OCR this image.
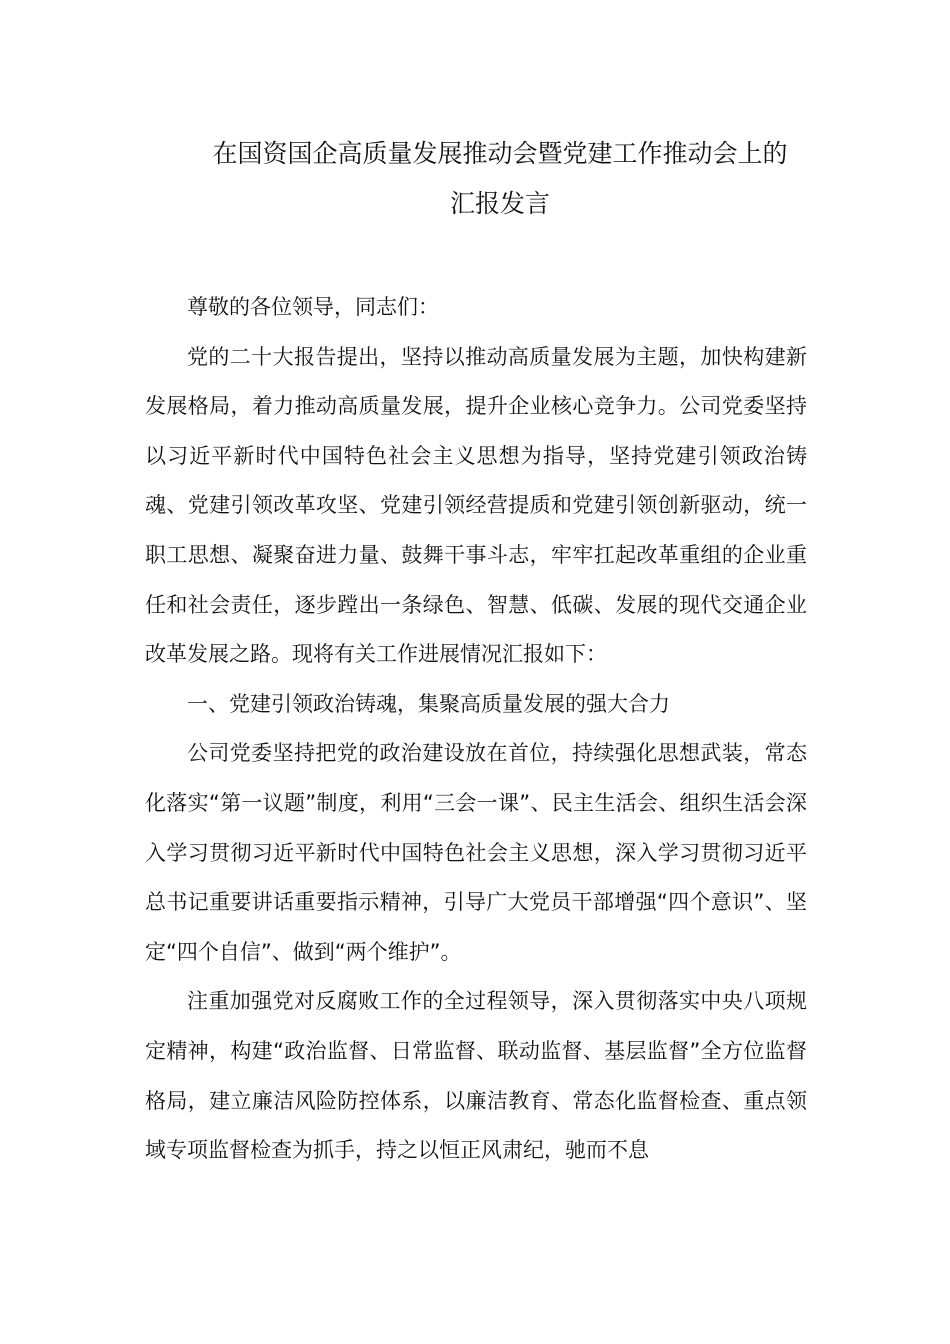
在国资国企高质量发展推动会暨党建工作推动会上的
汇报发言

尊敬的各位领导，同志们：

党的二十大报告提出，坚持以推动高质量发展为主题，加快构建新发展格局，着力推动高质量发展，提升企业核心竞争力。公司党委坚持以习近平新时代中国特色社会主义思想为指导，坚持党建引领政治铸魂、党建引领改革攻坚、党建引领经营提质和党建引领创新驱动，统一职工思想、凝聚奋进力量、鼓舞干事斗志，牢牢扛起改革重组的企业重任和社会责任，逐步蹚出一条绿色、智慧、低碳、发展的现代交通企业改革发展之路。现将有关工作进展情况汇报如下：

一、党建引领政治铸魂，集聚高质量发展的强大合力

公司党委坚持把党的政治建设放在首位，持续强化思想武装，常态化落实“第一议题”制度，利用“三会一课”、民主生活会、组织生活会深入学习贯彻习近平新时代中国特色社会主义思想，深入学习贯彻习近平总书记重要讲话重要指示精神，引导广大党员干部增强“四个意识”、坚定“四个自信”、做到“两个维护”。

注重加强党对反腐败工作的全过程领导，深入贯彻落实中央八项规定精神，构建“政治监督、日常监督、联动监督、基层监督”全方位监督格局，建立廉洁风险防控体系，以廉洁教育、常态化监督检查、重点领域专项监督检查为抓手，持之以恒正风肃纪，驰而不息
